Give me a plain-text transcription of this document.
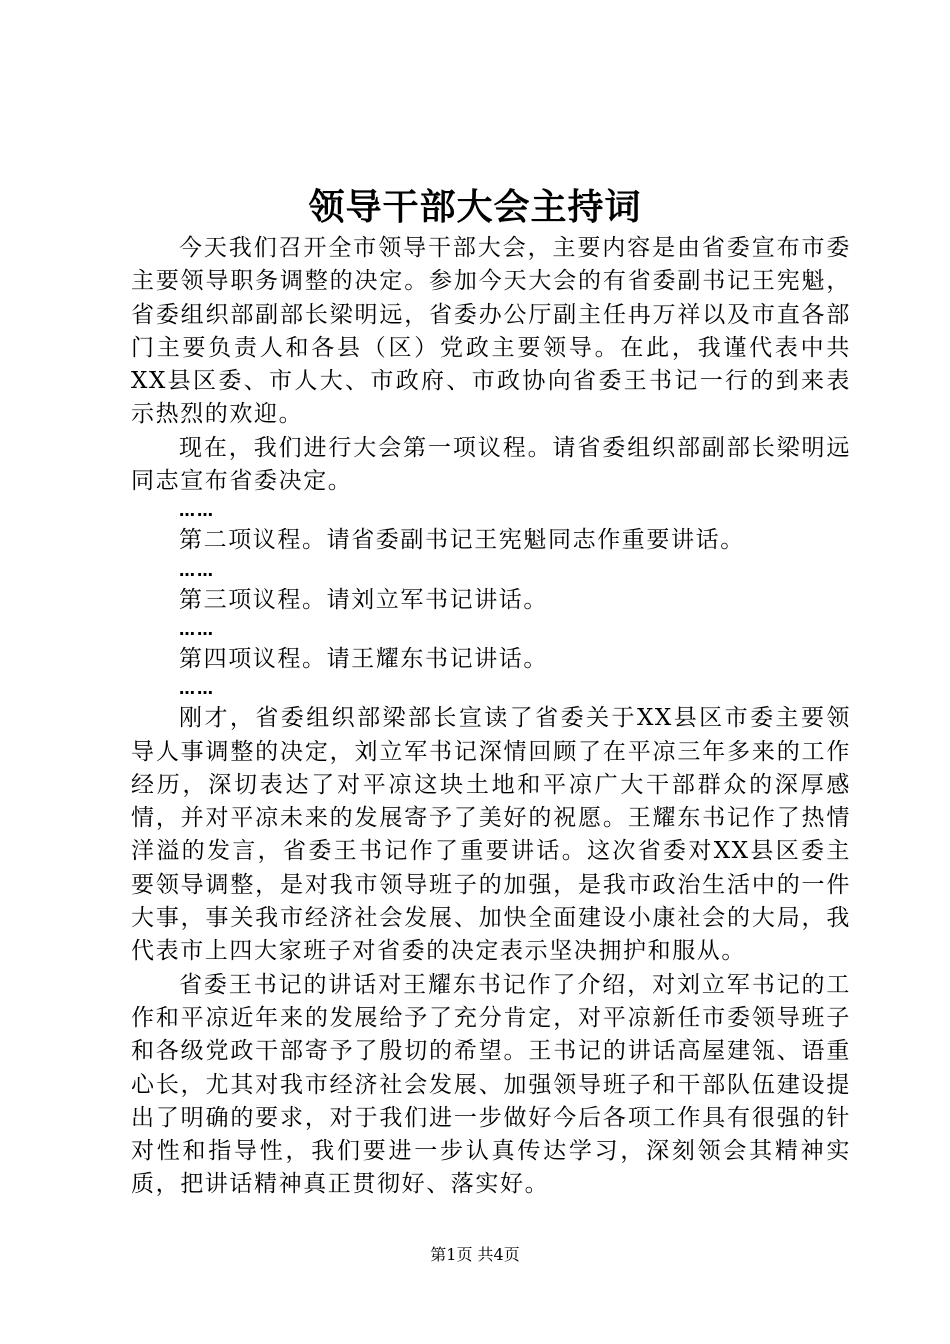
领导干部大会主持词

今天我们召开全市领导干部大会，主要内容是由省委宣布市委主要领导职务调整的决定。参加今天大会的有省委副书记王宪魁，省委组织部副部长梁明远，省委办公厅副主任冉万祥以及市直各部门主要负责人和各县（区）党政主要领导。在此，我谨代表中共XX县区委、市人大、市政府、市政协向省委王书记一行的到来表示热烈的欢迎。

现在，我们进行大会第一项议程。请省委组织部副部长梁明远同志宣布省委决定。

……

第二项议程。请省委副书记王宪魁同志作重要讲话。

……

第三项议程。请刘立军书记讲话。

……

第四项议程。请王耀东书记讲话。

……

刚才，省委组织部梁部长宣读了省委关于XX县区市委主要领导人事调整的决定，刘立军书记深情回顾了在平凉三年多来的工作经历，深切表达了对平凉这块土地和平凉广大干部群众的深厚感情，并对平凉未来的发展寄予了美好的祝愿。王耀东书记作了热情洋溢的发言，省委王书记作了重要讲话。这次省委对XX县区委主要领导调整，是对我市领导班子的加强，是我市政治生活中的一件大事，事关我市经济社会发展、加快全面建设小康社会的大局，我代表市上四大家班子对省委的决定表示坚决拥护和服从。

省委王书记的讲话对王耀东书记作了介绍，对刘立军书记的工作和平凉近年来的发展给予了充分肯定，对平凉新任市委领导班子和各级党政干部寄予了殷切的希望。王书记的讲话高屋建瓴、语重心长，尤其对我市经济社会发展、加强领导班子和干部队伍建设提出了明确的要求，对于我们进一步做好今后各项工作具有很强的针对性和指导性，我们要进一步认真传达学习，深刻领会其精神实质，把讲话精神真正贯彻好、落实好。

第1页 共4页
